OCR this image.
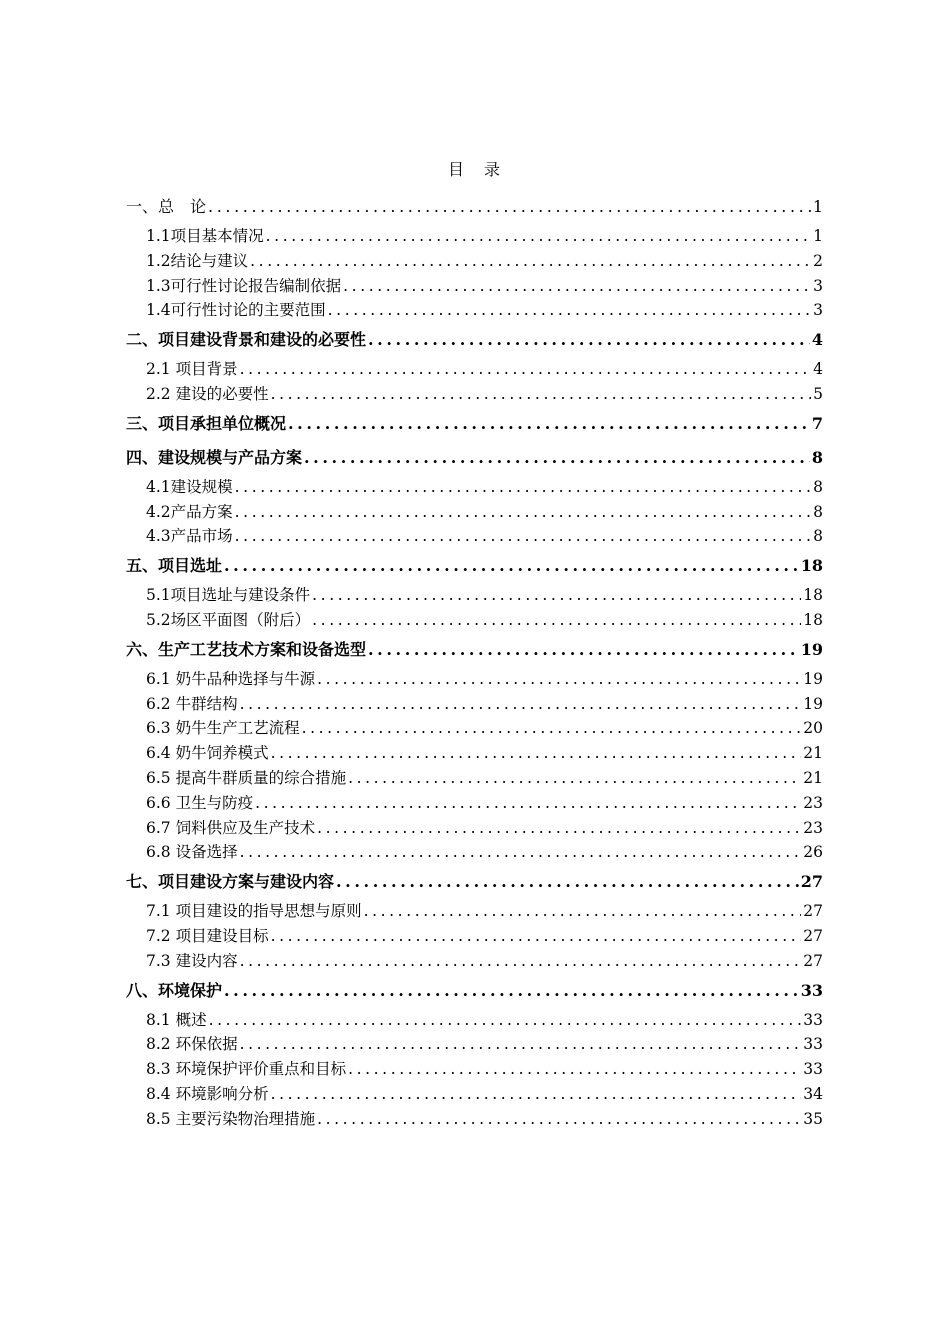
目　录
一、总　论 .....	1
1.1项目基本情况 .....	1
1.2结论与建议 .....	2
1.3可行性讨论报告编制依据 .....	3
1.4可行性讨论的主要范围 .....	3
二、项目建设背景和建设的必要性 .....	4
2.1 项目背景 .....	4
2.2 建设的必要性 .....	5
三、项目承担单位概况 .....	7
四、建设规模与产品方案 .....	8
4.1建设规模 .....	8
4.2产品方案 .....	8
4.3产品市场 .....	8
五、项目选址 .....	18
5.1项目选址与建设条件 .....	18
5.2场区平面图（附后） .....	18
六、生产工艺技术方案和设备选型 .....	19
6.1 奶牛品种选择与牛源 .....	19
6.2 牛群结构 .....	19
6.3 奶牛生产工艺流程 .....	20
6.4 奶牛饲养模式 .....	21
6.5 提高牛群质量的综合措施 .....	21
6.6 卫生与防疫 .....	23
6.7 饲料供应及生产技术 .....	23
6.8 设备选择 .....	26
七、项目建设方案与建设内容 .....	27
7.1 项目建设的指导思想与原则 .....	27
7.2 项目建设目标 .....	27
7.3 建设内容 .....	27
八、环境保护 .....	33
8.1 概述 .....	33
8.2 环保依据 .....	33
8.3 环境保护评价重点和目标 .....	33
8.4 环境影响分析 .....	34
8.5 主要污染物治理措施 .....	35
